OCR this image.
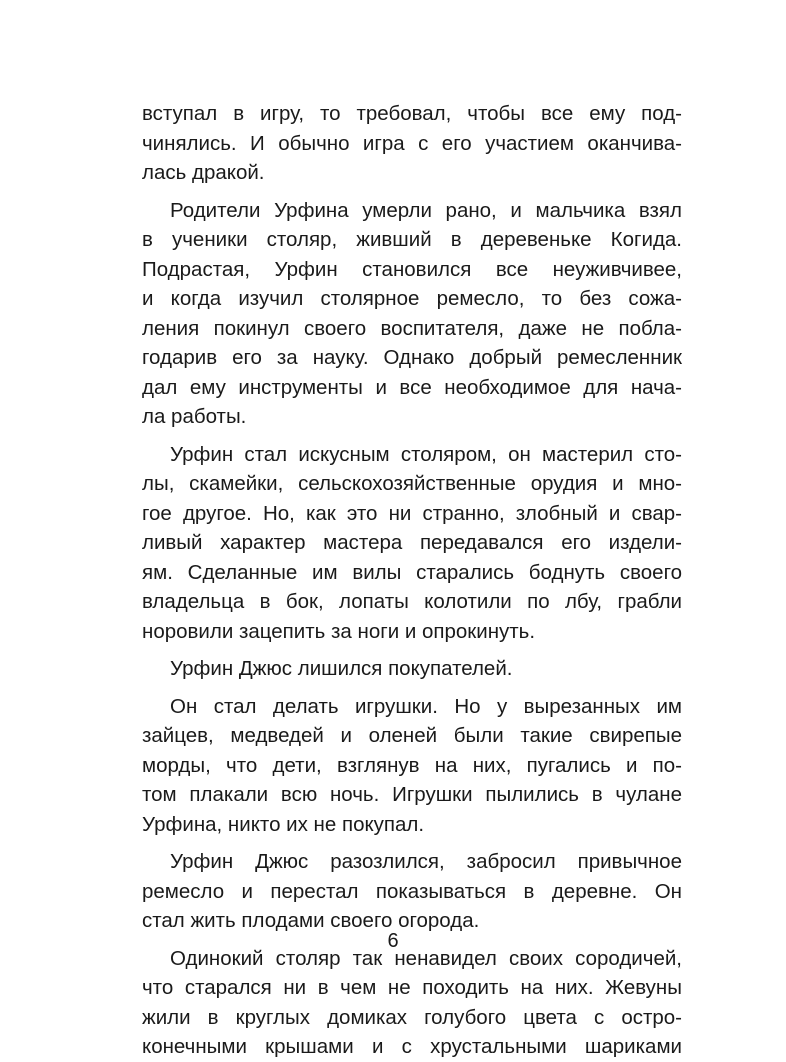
вступал в игру, то требовал, чтобы все ему под-
чинялись. И обычно игра с его участием оканчива-
лась дракой.
Родители Урфина умерли рано, и мальчика взял
в ученики столяр, живший в деревеньке Когида.
Подрастая, Урфин становился все неуживчивее,
и когда изучил столярное ремесло, то без сожа-
ления покинул своего воспитателя, даже не побла-
годарив его за науку. Однако добрый ремесленник
дал ему инструменты и все необходимое для нача-
ла работы.
Урфин стал искусным столяром, он мастерил сто-
лы, скамейки, сельскохозяйственные орудия и мно-
гое другое. Но, как это ни странно, злобный и свар-
ливый характер мастера передавался его издели-
ям. Сделанные им вилы старались боднуть своего
владельца в бок, лопаты колотили по лбу, грабли
норовили зацепить за ноги и опрокинуть.
Урфин Джюс лишился покупателей.
Он стал делать игрушки. Но у вырезанных им
зайцев, медведей и оленей были такие свирепые
морды, что дети, взглянув на них, пугались и по-
том плакали всю ночь. Игрушки пылились в чулане
Урфина, никто их не покупал.
Урфин Джюс разозлился, забросил привычное
ремесло и перестал показываться в деревне. Он
стал жить плодами своего огорода.
Одинокий столяр так ненавидел своих сородичей,
что старался ни в чем не походить на них. Жевуны
жили в круглых домиках голубого цвета с остро-
конечными крышами и с хрустальными шариками
6
